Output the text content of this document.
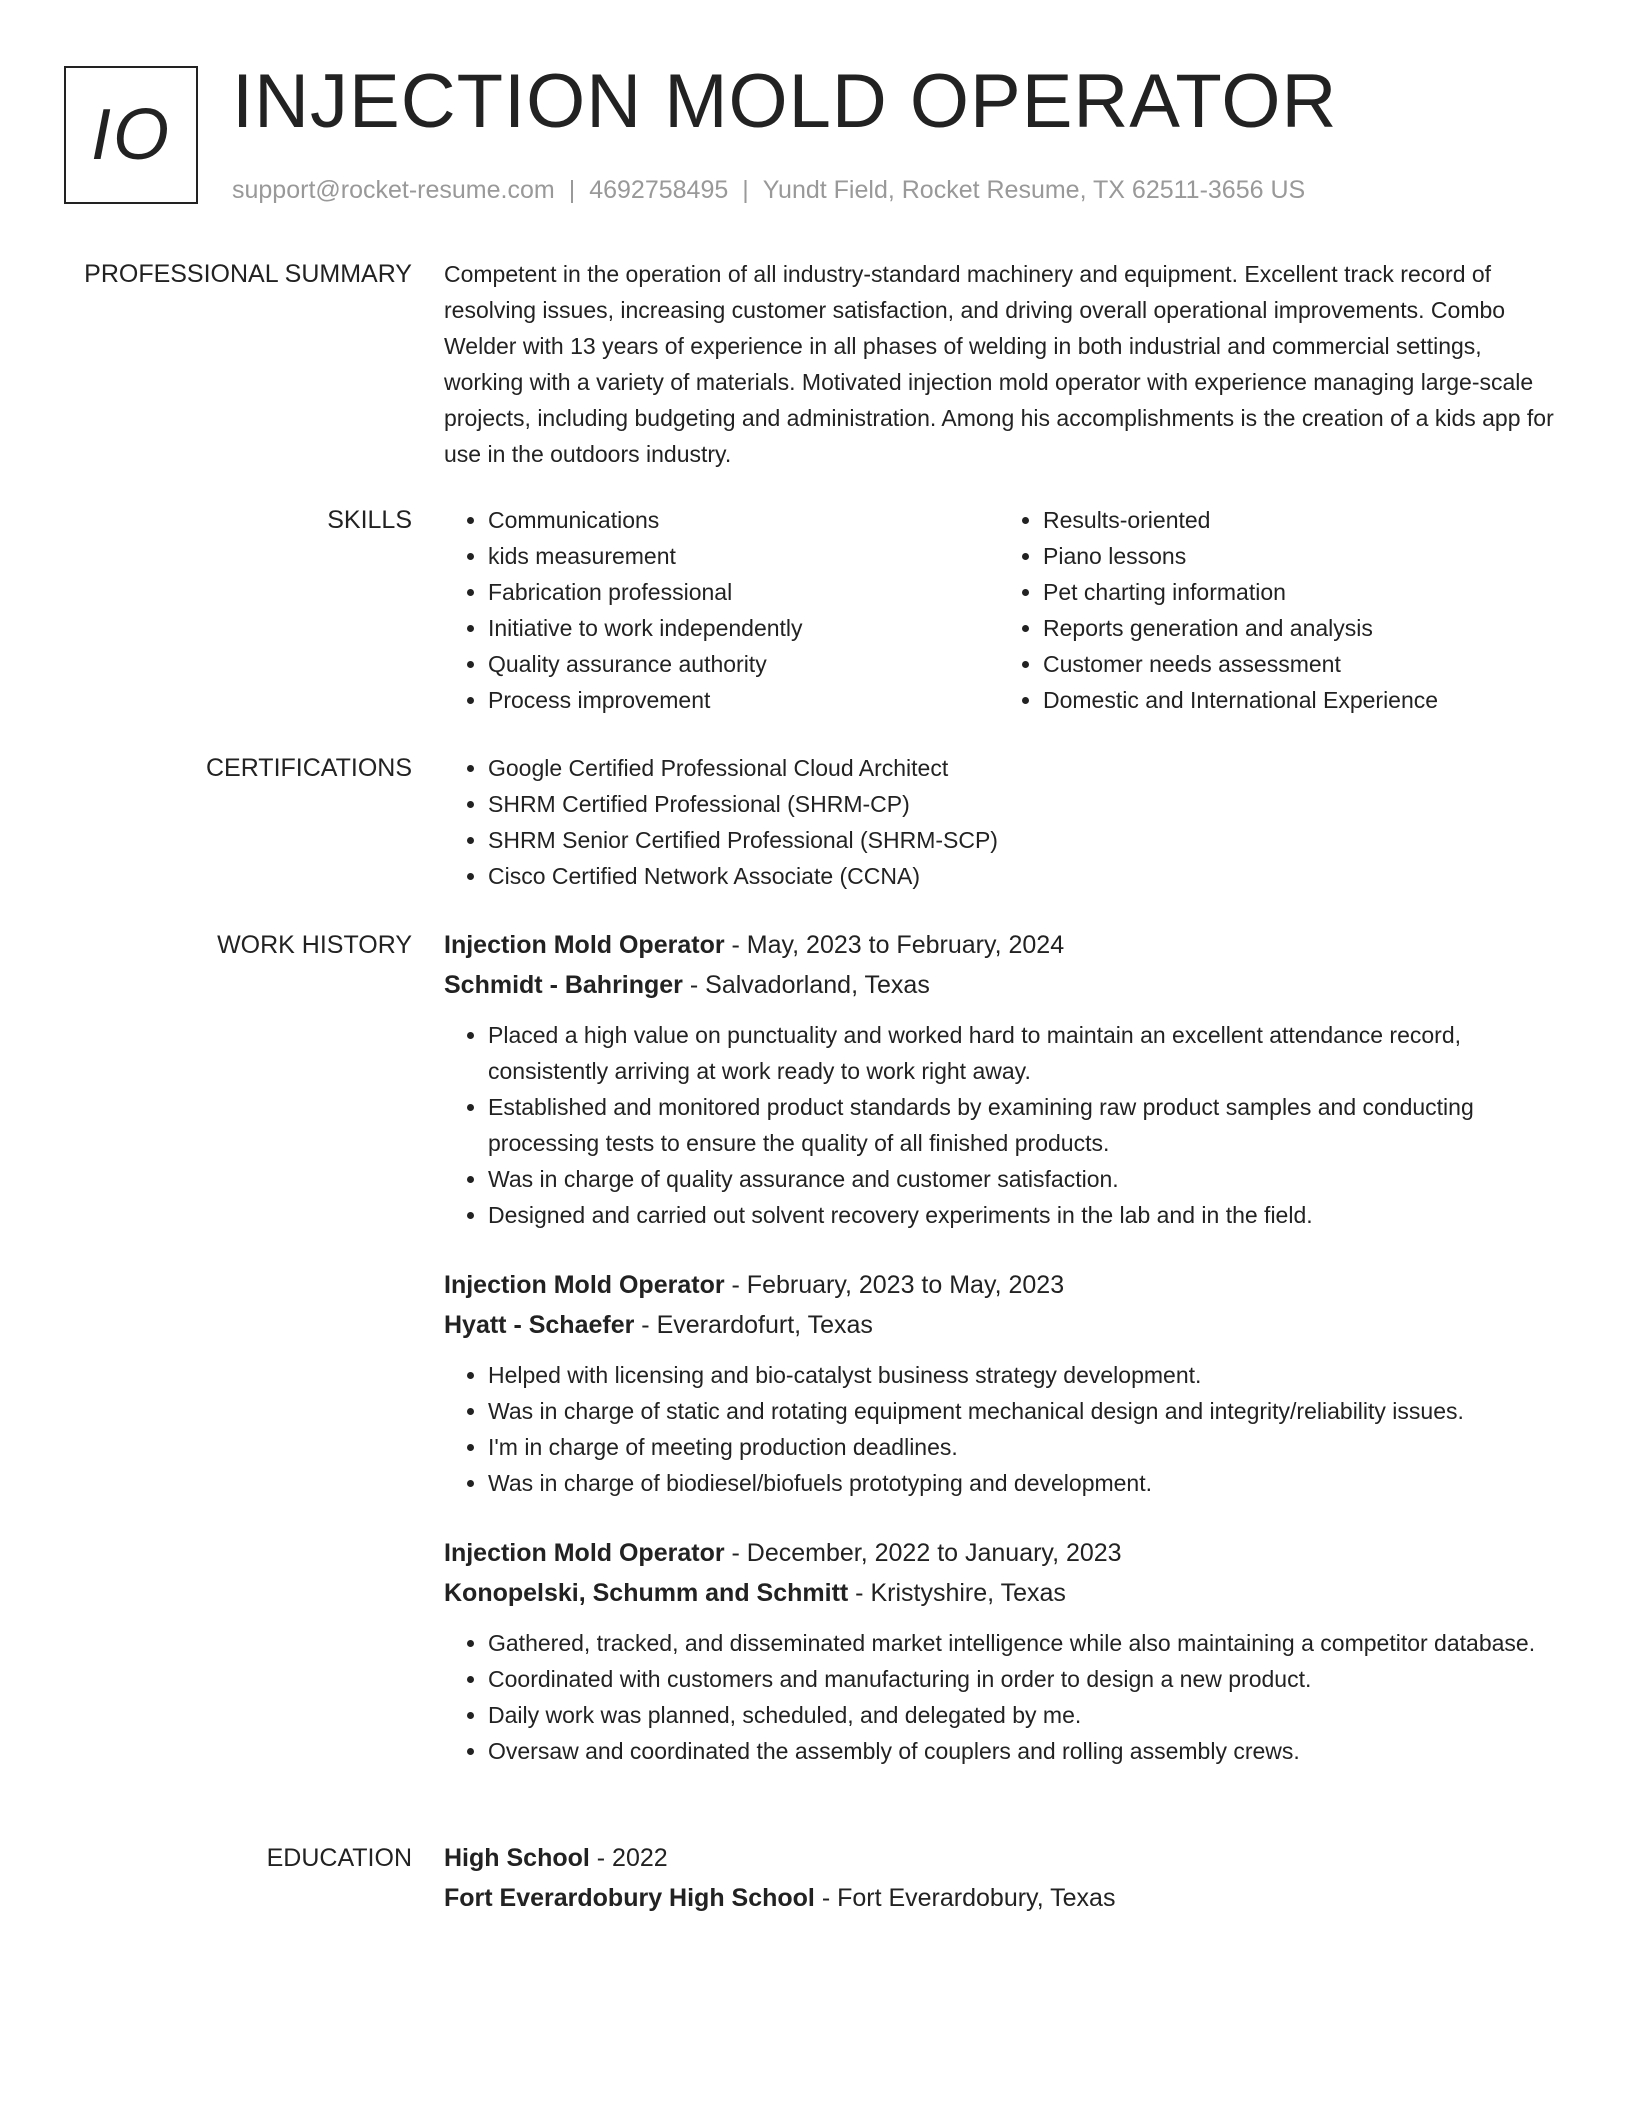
IO INJECTION MOLD OPERATOR
support@rocket-resume.com | 4692758495 | Yundt Field, Rocket Resume, TX 62511-3656 US
PROFESSIONAL SUMMARY Competent in the operation of all industry-standard machinery and equipment. Excellent track record of resolving issues, increasing customer satisfaction, and driving overall operational improvements. Combo Welder with 13 years of experience in all phases of welding in both industrial and commercial settings, working with a variety of materials. Motivated injection mold operator with experience managing large-scale projects, including budgeting and administration. Among his accomplishments is the creation of a kids app for use in the outdoors industry.

SKILLS	• Communications
• kids measurement
• Fabrication professional
• Initiative to work independently
• Quality assurance authority
• Process improvement
• Results-oriented
• Piano lessons
• Pet charting information
• Reports generation and analysis
• Customer needs assessment
• Domestic and International Experience
CERTIFICATIONS	• Google Certified Professional Cloud Architect
• SHRM Certified Professional (SHRM-CP)
• SHRM Senior Certified Professional (SHRM-SCP)
• Cisco Certified Network Associate (CCNA)
WORK HISTORY Injection Mold Operator - May, 2023 to February, 2024
Schmidt - Bahringer - Salvadorland, Texas
• Placed a high value on punctuality and worked hard to maintain an excellent attendance record, consistently arriving at work ready to work right away.
• Established and monitored product standards by examining raw product samples and conducting processing tests to ensure the quality of all finished products.
• Was in charge of quality assurance and customer satisfaction.
• Designed and carried out solvent recovery experiments in the lab and in the field.
Injection Mold Operator - February, 2023 to May, 2023
Hyatt - Schaefer - Everardofurt, Texas
• Helped with licensing and bio-catalyst business strategy development.
• Was in charge of static and rotating equipment mechanical design and integrity/reliability issues.
• I'm in charge of meeting production deadlines.
• Was in charge of biodiesel/biofuels prototyping and development.
Injection Mold Operator - December, 2022 to January, 2023
Konopelski, Schumm and Schmitt - Kristyshire, Texas
• Gathered, tracked, and disseminated market intelligence while also maintaining a competitor database.
• Coordinated with customers and manufacturing in order to design a new product.
• Daily work was planned, scheduled, and delegated by me.
• Oversaw and coordinated the assembly of couplers and rolling assembly crews.
EDUCATION High School - 2022
Fort Everardobury High School - Fort Everardobury, Texas
